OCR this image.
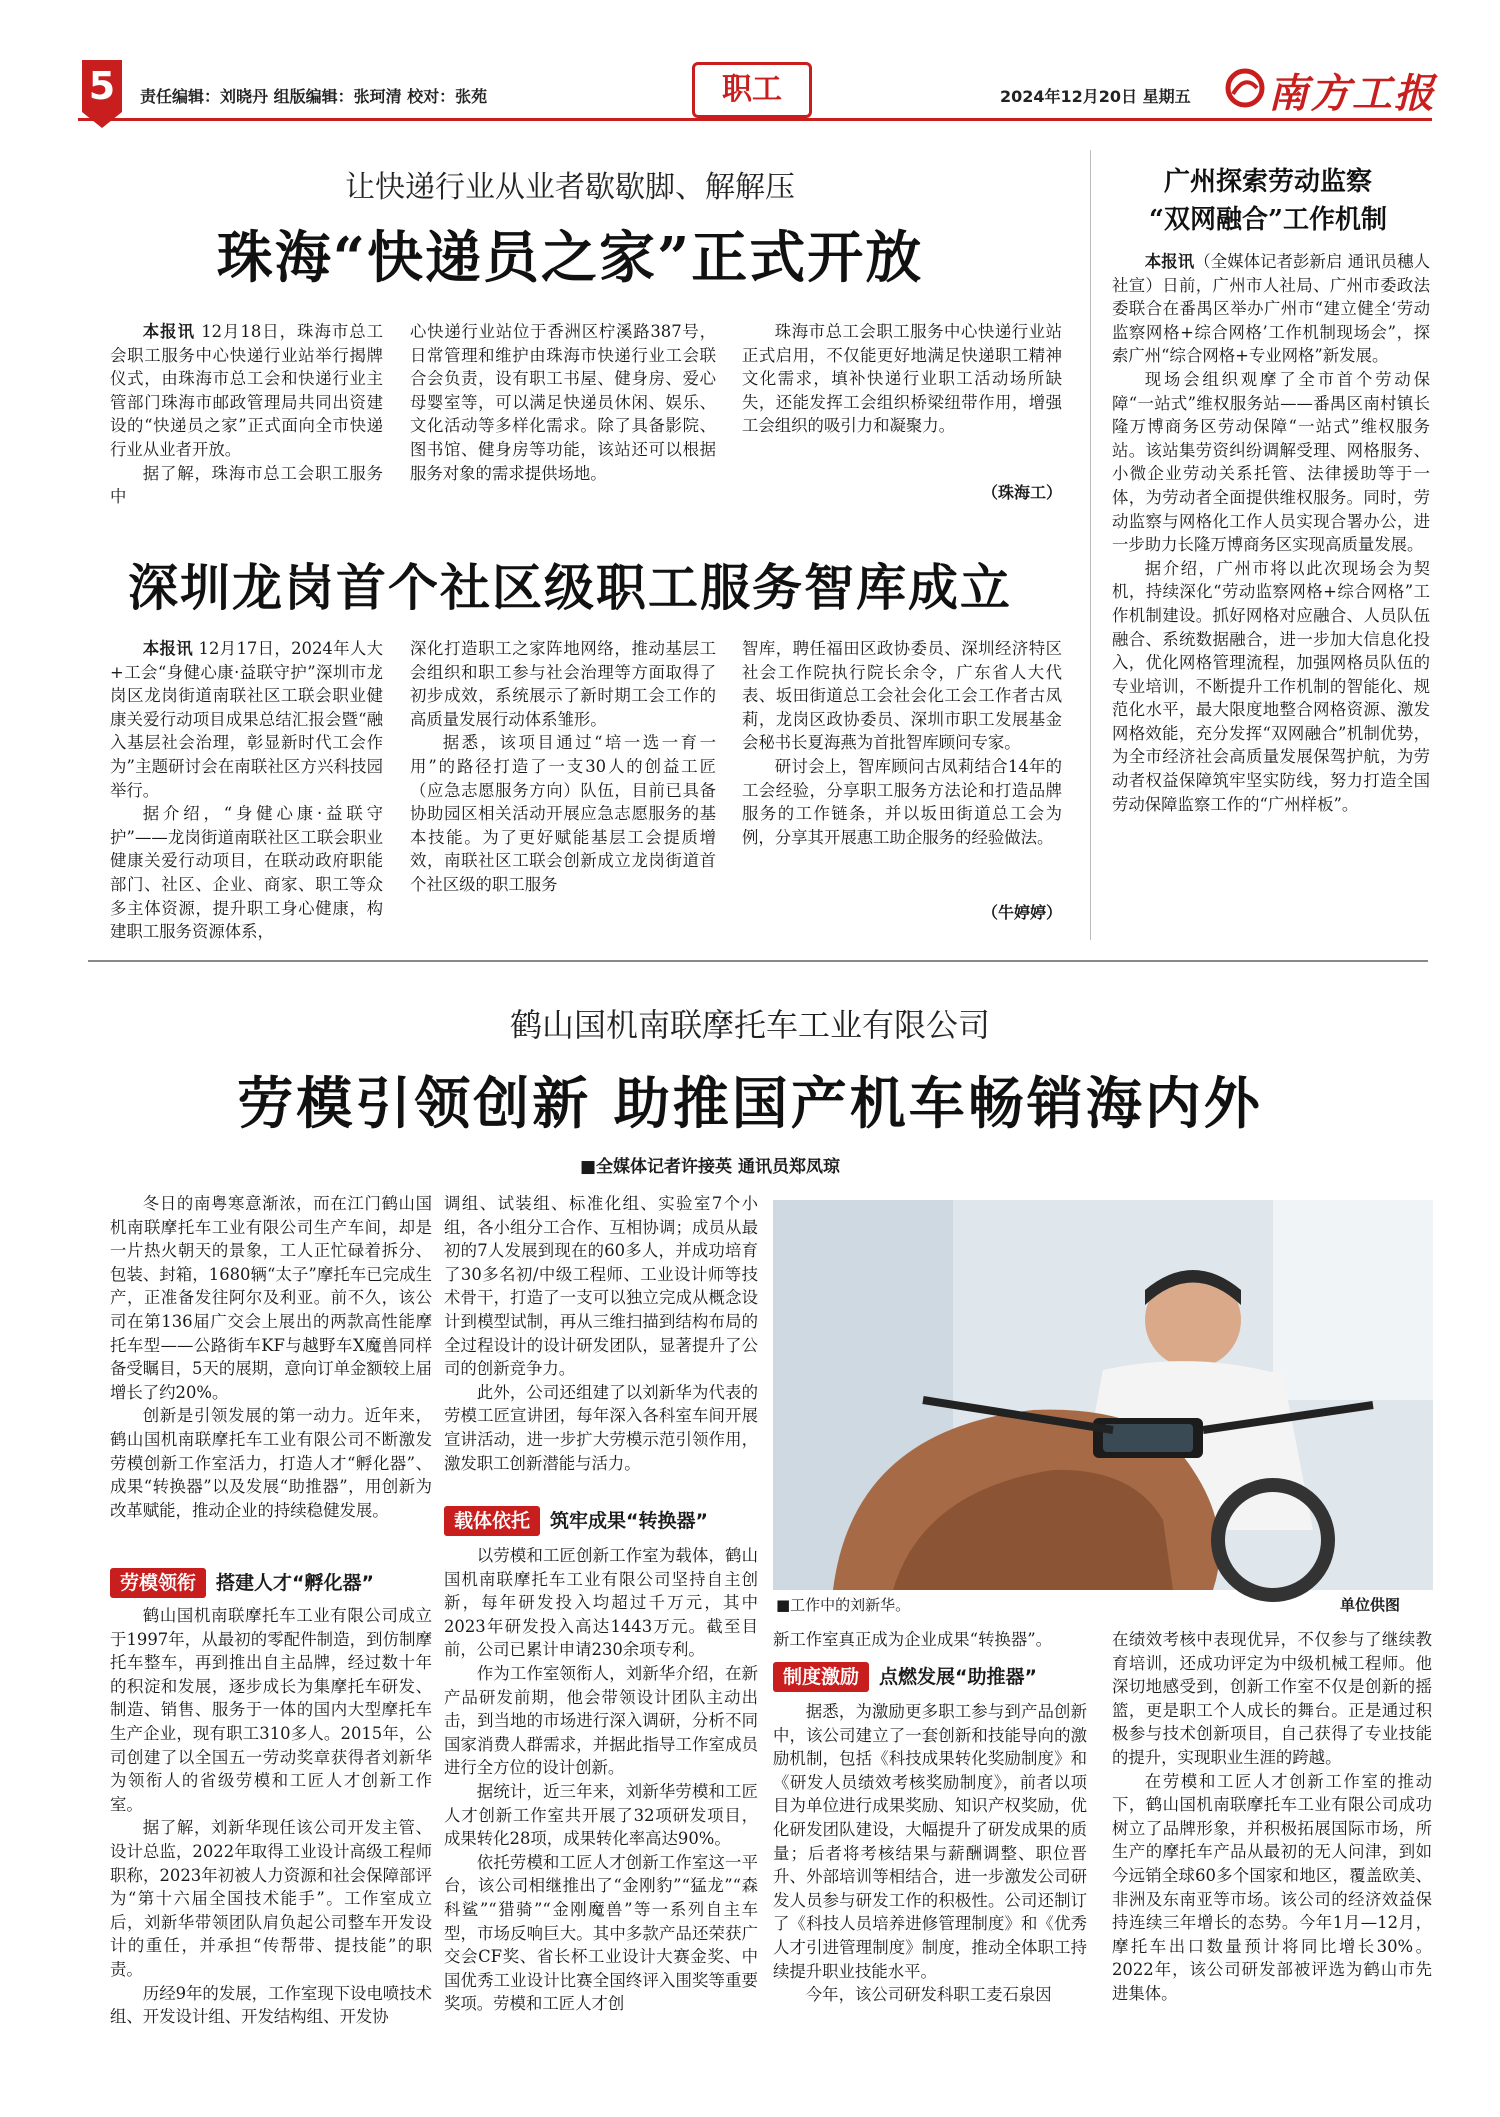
5	责任编辑：刘晓丹 组版编辑：张珂清 校对：张苑	职工	2024年12月20日 星期五 南方工报
让快递行业从业者歇歇脚、解解压
珠海“快递员之家”正式开放

本报讯 12月18日，珠海市总工会职工服务中心快递行业站举行揭牌仪式，由珠海市总工会和快递行业主管部门珠海市邮政管理局共同出资建设的“快递员之家”正式面向全市快递行业从业者开放。

据了解，珠海市总工会职工服务中

心快递行业站位于香洲区柠溪路387号，日常管理和维护由珠海市快递行业工会联合会负责，设有职工书屋、健身房、爱心母婴室等，可以满足快递员休闲、娱乐、文化活动等多样化需求。除了具备影院、图书馆、健身房等功能，该站还可以根据服务对象的需求提供场地。

珠海市总工会职工服务中心快递行业站正式启用，不仅能更好地满足快递职工精神文化需求，填补快递行业职工活动场所缺失，还能发挥工会组织桥梁纽带作用，增强工会组织的吸引力和凝聚力。

（珠海工）
深圳龙岗首个社区级职工服务智库成立

本报讯 12月17日，2024年人大+工会“身健心康·益联守护”深圳市龙岗区龙岗街道南联社区工联会职业健康关爱行动项目成果总结汇报会暨“融入基层社会治理，彰显新时代工会作为”主题研讨会在南联社区方兴科技园举行。

据介绍，“身健心康·益联守护”——龙岗街道南联社区工联会职业健康关爱行动项目，在联动政府职能部门、社区、企业、商家、职工等众多主体资源，提升职工身心健康，构建职工服务资源体系，

深化打造职工之家阵地网络，推动基层工会组织和职工参与社会治理等方面取得了初步成效，系统展示了新时期工会工作的高质量发展行动体系雏形。

据悉，该项目通过“培一选一育一用”的路径打造了一支30人的创益工匠（应急志愿服务方向）队伍，目前已具备协助园区相关活动开展应急志愿服务的基本技能。为了更好赋能基层工会提质增效，南联社区工联会创新成立龙岗街道首个社区级的职工服务

智库，聘任福田区政协委员、深圳经济特区社会工作院执行院长余令，广东省人大代表、坂田街道总工会社会化工会工作者古凤莉，龙岗区政协委员、深圳市职工发展基金会秘书长夏海燕为首批智库顾问专家。

研讨会上，智库顾问古凤莉结合14年的工会经验，分享职工服务方法论和打造品牌服务的工作链条，并以坂田街道总工会为例，分享其开展惠工助企服务的经验做法。

（牛婷婷）
广州探索劳动监察
“双网融合”工作机制

本报讯（全媒体记者彭新启 通讯员穗人社宣）日前，广州市人社局、广州市委政法委联合在番禺区举办广州市“建立健全‘劳动监察网格+综合网格’工作机制现场会”，探索广州“综合网格+专业网格”新发展。

现场会组织观摩了全市首个劳动保障“一站式”维权服务站——番禺区南村镇长隆万博商务区劳动保障“一站式”维权服务站。该站集劳资纠纷调解受理、网格服务、小微企业劳动关系托管、法律援助等于一体，为劳动者全面提供维权服务。同时，劳动监察与网格化工作人员实现合署办公，进一步助力长隆万博商务区实现高质量发展。

据介绍，广州市将以此次现场会为契机，持续深化“劳动监察网格+综合网格”工作机制建设。抓好网格对应融合、人员队伍融合、系统数据融合，进一步加大信息化投入，优化网格管理流程，加强网格员队伍的专业培训，不断提升工作机制的智能化、规范化水平，最大限度地整合网格资源、激发网格效能，充分发挥“双网融合”机制优势，为全市经济社会高质量发展保驾护航，为劳动者权益保障筑牢坚实防线，努力打造全国劳动保障监察工作的“广州样板”。

鹤山国机南联摩托车工业有限公司
劳模引领创新 助推国产机车畅销海内外
■全媒体记者许接英 通讯员郑凤琼
■工作中的刘新华。	单位供图

冬日的南粤寒意渐浓，而在江门鹤山国机南联摩托车工业有限公司生产车间，却是一片热火朝天的景象，工人正忙碌着拆分、包装、封箱，1680辆“太子”摩托车已完成生产，正准备发往阿尔及利亚。前不久，该公司在第136届广交会上展出的两款高性能摩托车型——公路街车KF与越野车X魔兽同样备受瞩目，5天的展期，意向订单金额较上届增长了约20%。

创新是引领发展的第一动力。近年来，鹤山国机南联摩托车工业有限公司不断激发劳模创新工作室活力，打造人才“孵化器”、成果“转换器”以及发展“助推器”，用创新为改革赋能，推动企业的持续稳健发展。

劳模领衔	搭建人才“孵化器”

鹤山国机南联摩托车工业有限公司成立于1997年，从最初的零配件制造，到仿制摩托车整车，再到推出自主品牌，经过数十年的积淀和发展，逐步成长为集摩托车研发、制造、销售、服务于一体的国内大型摩托车生产企业，现有职工310多人。2015年，公司创建了以全国五一劳动奖章获得者刘新华为领衔人的省级劳模和工匠人才创新工作室。

据了解，刘新华现任该公司开发主管、设计总监，2022年取得工业设计高级工程师职称，2023年初被人力资源和社会保障部评为“第十六届全国技术能手”。工作室成立后，刘新华带领团队肩负起公司整车开发设计的重任，并承担“传帮带、提技能”的职责。

历经9年的发展，工作室现下设电喷技术组、开发设计组、开发结构组、开发协

调组、试装组、标准化组、实验室7个小组，各小组分工合作、互相协调；成员从最初的7人发展到现在的60多人，并成功培育了30多名初/中级工程师、工业设计师等技术骨干，打造了一支可以独立完成从概念设计到模型试制，再从三维扫描到结构布局的全过程设计的设计研发团队，显著提升了公司的创新竞争力。

此外，公司还组建了以刘新华为代表的劳模工匠宣讲团，每年深入各科室车间开展宣讲活动，进一步扩大劳模示范引领作用，激发职工创新潜能与活力。

载体依托	筑牢成果“转换器”

以劳模和工匠创新工作室为载体，鹤山国机南联摩托车工业有限公司坚持自主创新，每年研发投入均超过千万元，其中2023年研发投入高达1443万元。截至目前，公司已累计申请230余项专利。

作为工作室领衔人，刘新华介绍，在新产品研发前期，他会带领设计团队主动出击，到当地的市场进行深入调研，分析不同国家消费人群需求，并据此指导工作室成员进行全方位的设计创新。

据统计，近三年来，刘新华劳模和工匠人才创新工作室共开展了32项研发项目，成果转化28项，成果转化率高达90%。

依托劳模和工匠人才创新工作室这一平台，该公司相继推出了“金刚豹”“猛龙”“森科鲨”“猎骑”“金刚魔兽”等一系列自主车型，市场反响巨大。其中多款产品还荣获广交会CF奖、省长杯工业设计大赛金奖、中国优秀工业设计比赛全国终评入围奖等重要奖项。劳模和工匠人才创

新工作室真正成为企业成果“转换器”。

制度激励	点燃发展“助推器”

据悉，为激励更多职工参与到产品创新中，该公司建立了一套创新和技能导向的激励机制，包括《科技成果转化奖励制度》和《研发人员绩效考核奖励制度》，前者以项目为单位进行成果奖励、知识产权奖励，优化研发团队建设，大幅提升了研发成果的质量；后者将考核结果与薪酬调整、职位晋升、外部培训等相结合，进一步激发公司研发人员参与研发工作的积极性。公司还制订了《科技人员培养进修管理制度》和《优秀人才引进管理制度》制度，推动全体职工持续提升职业技能水平。

今年，该公司研发科职工麦石泉因

在绩效考核中表现优异，不仅参与了继续教育培训，还成功评定为中级机械工程师。他深切地感受到，创新工作室不仅是创新的摇篮，更是职工个人成长的舞台。正是通过积极参与技术创新项目，自己获得了专业技能的提升，实现职业生涯的跨越。

在劳模和工匠人才创新工作室的推动下，鹤山国机南联摩托车工业有限公司成功树立了品牌形象，并积极拓展国际市场，所生产的摩托车产品从最初的无人问津，到如今远销全球60多个国家和地区，覆盖欧美、非洲及东南亚等市场。该公司的经济效益保持连续三年增长的态势。今年1月—12月，摩托车出口数量预计将同比增长30%。2022年，该公司研发部被评选为鹤山市先进集体。
